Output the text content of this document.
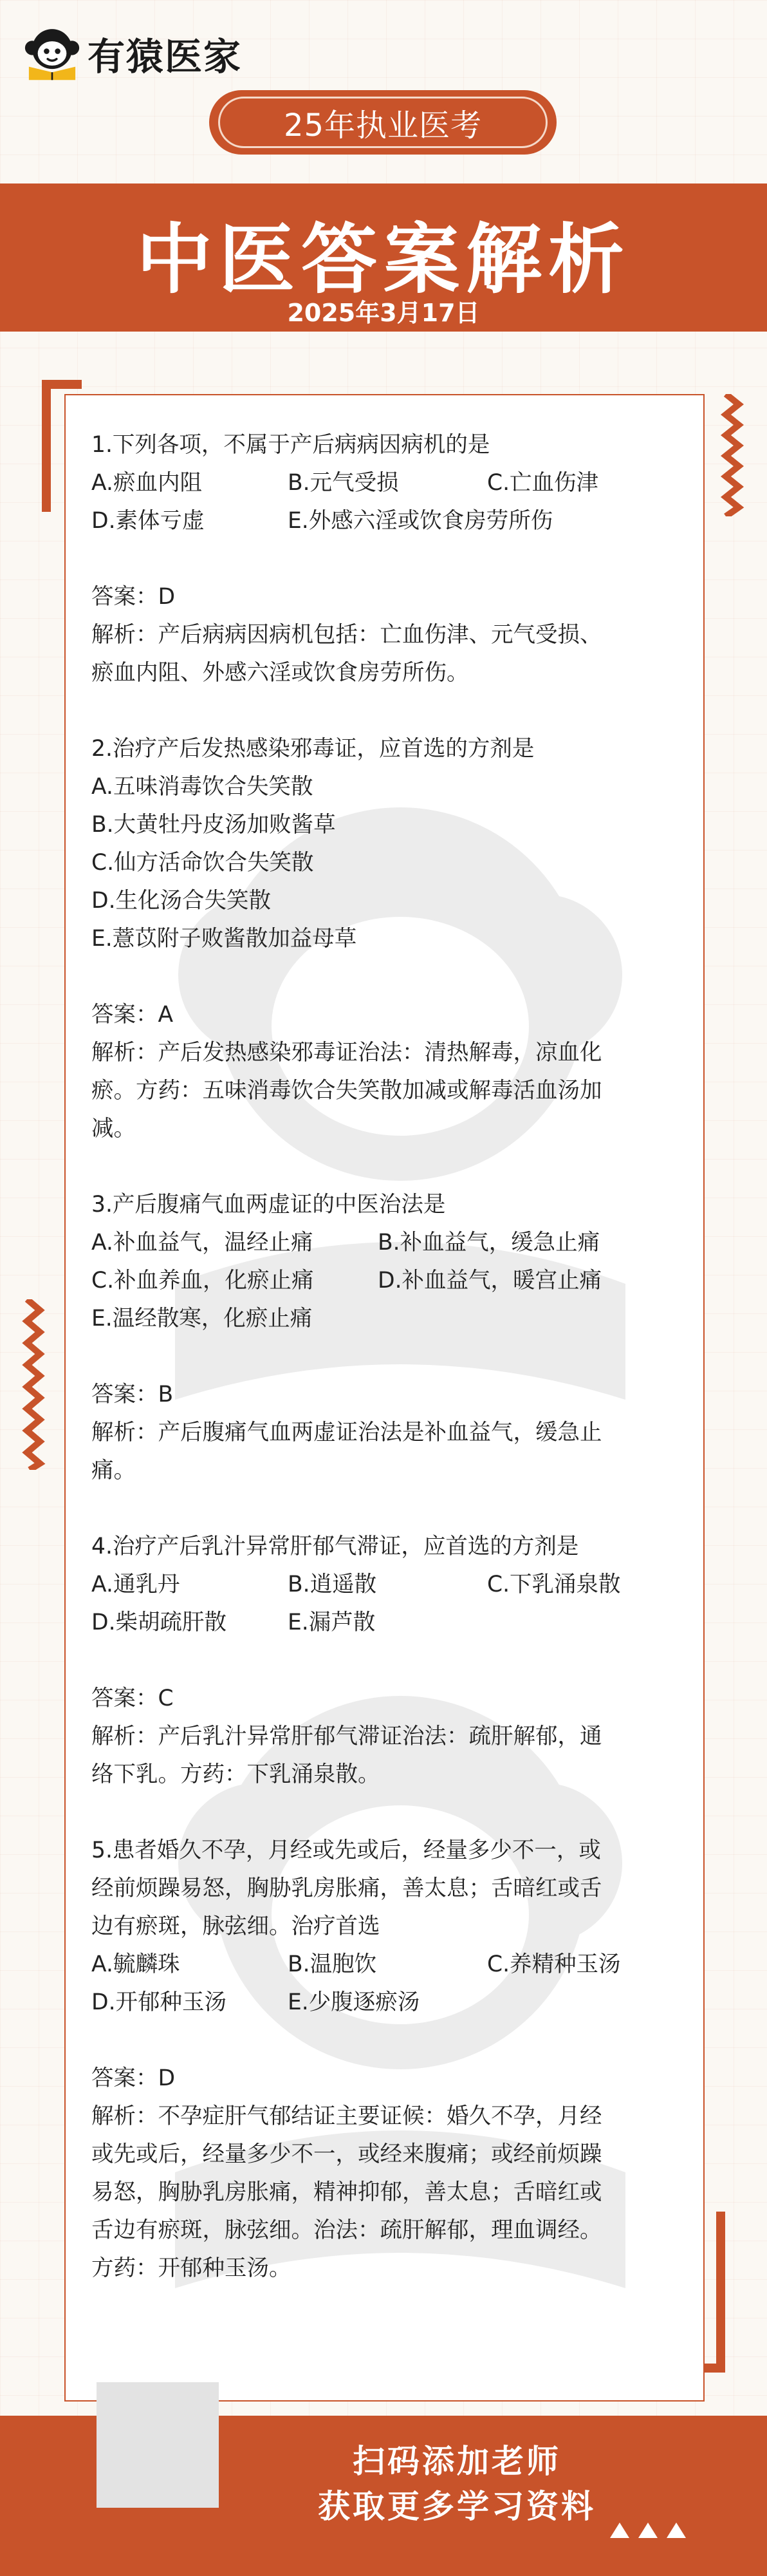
有猿医家
25年执业医考
中医答案解析
2025年3月17日
1.下列各项，不属于产后病病因病机的是
A.瘀血内阻	B.元气受损	C.亡血伤津
D.素体亏虚	E.外感六淫或饮食房劳所伤
答案：D
解析：产后病病因病机包括：亡血伤津、元气受损、
瘀血内阻、外感六淫或饮食房劳所伤。
2.治疗产后发热感染邪毒证，应首选的方剂是
A.五味消毒饮合失笑散
B.大黄牡丹皮汤加败酱草
C.仙方活命饮合失笑散
D.生化汤合失笑散
E.薏苡附子败酱散加益母草
答案：A
解析：产后发热感染邪毒证治法：清热解毒，凉血化
瘀。方药：五味消毒饮合失笑散加减或解毒活血汤加
减。
3.产后腹痛气血两虚证的中医治法是
A.补血益气，温经止痛	B.补血益气，缓急止痛
C.补血养血，化瘀止痛	D.补血益气，暖宫止痛
E.温经散寒，化瘀止痛
答案：B
解析：产后腹痛气血两虚证治法是补血益气，缓急止
痛。
4.治疗产后乳汁异常肝郁气滞证，应首选的方剂是
A.通乳丹	B.逍遥散	C.下乳涌泉散
D.柴胡疏肝散	E.漏芦散
答案：C
解析：产后乳汁异常肝郁气滞证治法：疏肝解郁，通
络下乳。方药：下乳涌泉散。
5.患者婚久不孕，月经或先或后，经量多少不一，或
经前烦躁易怒，胸胁乳房胀痛，善太息；舌暗红或舌
边有瘀斑，脉弦细。治疗首选
A.毓麟珠	B.温胞饮	C.养精种玉汤
D.开郁种玉汤	E.少腹逐瘀汤
答案：D
解析：不孕症肝气郁结证主要证候：婚久不孕，月经
或先或后，经量多少不一，或经来腹痛；或经前烦躁
易怒，胸胁乳房胀痛，精神抑郁，善太息；舌暗红或
舌边有瘀斑，脉弦细。治法：疏肝解郁，理血调经。
方药：开郁种玉汤。
扫码添加老师
获取更多学习资料
